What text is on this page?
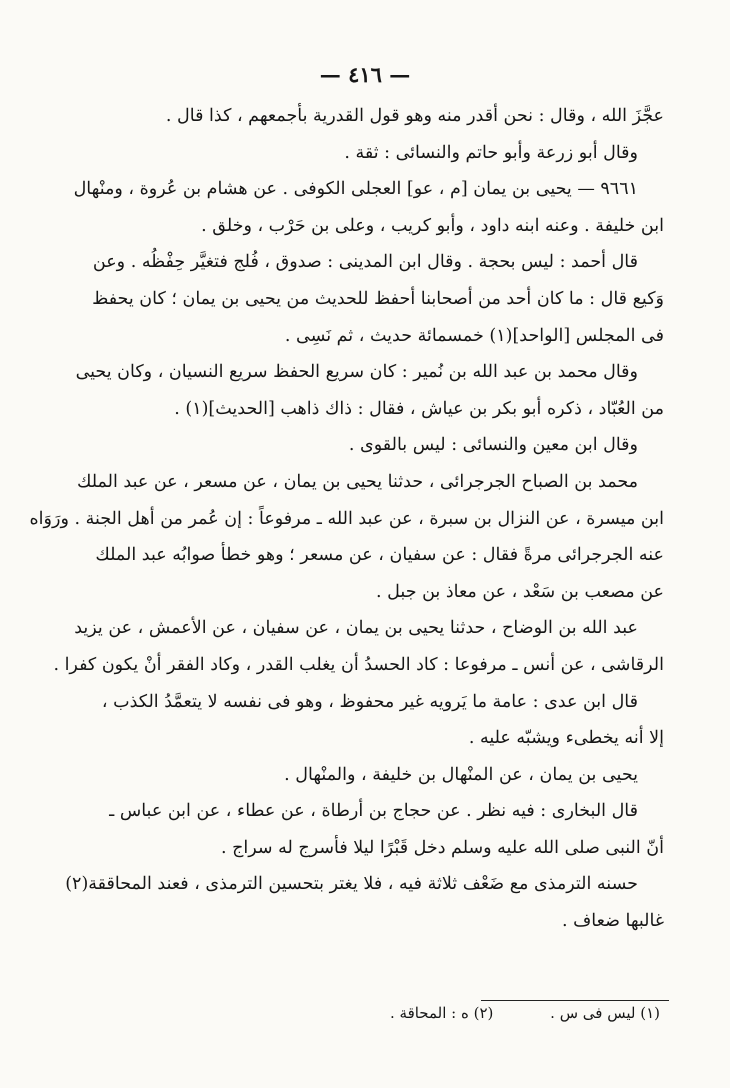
— ٤١٦ —
عجَّزَ الله ، وقال : نحن أقدر منه وهو قول القدرية بأجمعهم ، كذا قال .
وقال أبو زرعة وأبو حاتم والنسائى : ثقة .
٩٦٦١ — يحيى بن يمان [م ، عو] العجلى الكوفى . عن هشام بن عُروة ، ومنْهال
ابن خليفة . وعنه ابنه داود ، وأبو كريب ، وعلى بن حَرْب ، وخلق .
قال أحمد : ليس بحجة . وقال ابن المدينى : صدوق ، فُلج فتغيَّر حِفْظُه . وعن
وَكيع قال : ما كان أحد من أصحابنا أحفظ للحديث من يحيى بن يمان ؛ كان يحفظ
فى المجلس [الواحد](١) خمسمائة حديث ، ثم نَسِى .
وقال محمد بن عبد الله بن نُمير : كان سريع الحفظ سريع النسيان ، وكان يحيى
من العُبّاد ، ذكره أبو بكر بن عياش ، فقال : ذاك ذاهب [الحديث](١) .
وقال ابن معين والنسائى : ليس بالقوى .
محمد بن الصباح الجرجرائى ، حدثنا يحيى بن يمان ، عن مسعر ، عن عبد الملك
ابن ميسرة ، عن النزال بن سبرة ، عن عبد الله ـ مرفوعاً : إن عُمر من أهل الجنة . ورَوَاه
عنه الجرجرائى مرةً فقال : عن سفيان ، عن مسعر ؛ وهو خطأ صوابُه عبد الملك
عن مصعب بن سَعْد ، عن معاذ بن جبل .
عبد الله بن الوضاح ، حدثنا يحيى بن يمان ، عن سفيان ، عن الأعمش ، عن يزيد
الرقاشى ، عن أنس ـ مرفوعا : كاد الحسدُ أن يغلب القدر ، وكاد الفقر أنْ يكون كفرا .
قال ابن عدى : عامة ما يَرويه غير محفوظ ، وهو فى نفسه لا يتعمَّدُ الكذب ،
إلا أنه يخطىء ويشبّه عليه .
يحيى بن يمان ، عن المنْهال بن خليفة ، والمنْهال .
قال البخارى : فيه نظر . عن حجاج بن أرطاة ، عن عطاء ، عن ابن عباس ـ
أنّ النبى صلى الله عليه وسلم دخل قَبْرًا ليلا فأسرج له سراج .
حسنه الترمذى مع ضَعْف ثلاثة فيه ، فلا يغتر بتحسين الترمذى ، فعند المحاققة(٢)
غالبها ضعاف .
(١) ليس فى س . (٢) ه : المحاقة .
